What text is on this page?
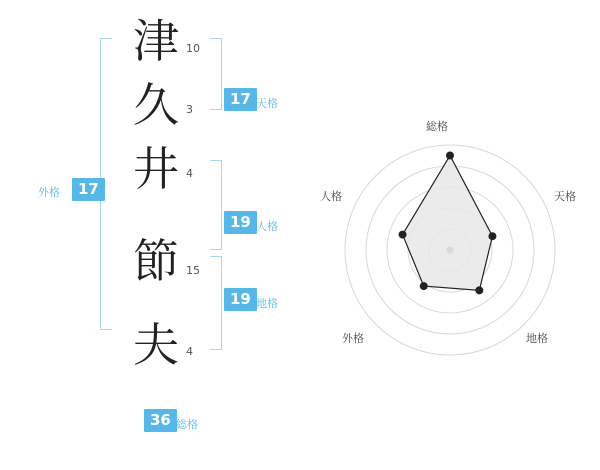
津
久
井
節
夫
10
3
4
15
4
17
外格
17 天格
19 人格
19 地格
36 総格
総格
天格
地格
外格
人格
